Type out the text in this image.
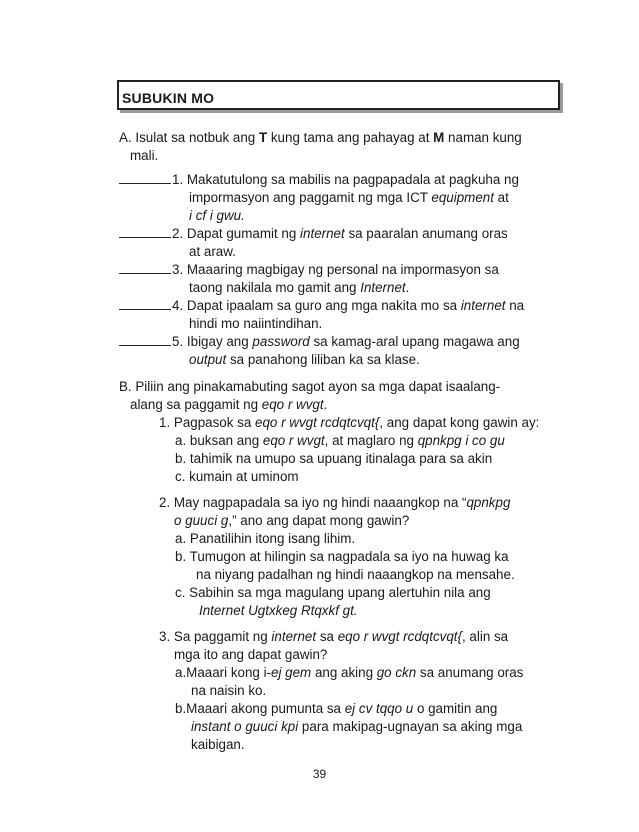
SUBUKIN MO

A. Isulat sa notbuk ang T kung tama ang pahayag at M naman kung
mali.

1. Makatutulong sa mabilis na pagpapadala at pagkuha ng
impormasyon ang paggamit ng mga ICT equipment at
i cf i gwu.
2. Dapat gumamit ng internet sa paaralan anumang oras
at araw.
3. Maaaring magbigay ng personal na impormasyon sa
taong nakilala mo gamit ang Internet.
4. Dapat ipaalam sa guro ang mga nakita mo sa internet na
hindi mo naiintindihan.
5. Ibigay ang password sa kamag-aral upang magawa ang
output sa panahong liliban ka sa klase.

B. Piliin ang pinakamabuting sagot ayon sa mga dapat isaalang-
alang sa paggamit ng eqo r wvgt.

1. Pagpasok sa eqo r wvgt rcdqtcvqt{, ang dapat kong gawin ay:
a. buksan ang eqo r wvgt, at maglaro ng qpnkpg i co gu
b. tahimik na umupo sa upuang itinalaga para sa akin
c. kumain at uminom
2. May nagpapadala sa iyo ng hindi naaangkop na “qpnkpg
o guuci g,” ano ang dapat mong gawin?
a. Panatilihin itong isang lihim.
b. Tumugon at hilingin sa nagpadala sa iyo na huwag ka
na niyang padalhan ng hindi naaangkop na mensahe.
c. Sabihin sa mga magulang upang alertuhin nila ang
Internet Ugtxkeg Rtqxkf gt.
3. Sa paggamit ng internet sa eqo r wvgt rcdqtcvqt{, alin sa
mga ito ang dapat gawin?
a.Maaari kong i-ej gem ang aking go ckn sa anumang oras
na naisin ko.
b.Maaari akong pumunta sa ej cv tqqo u o gamitin ang
instant o guuci kpi para makipag-ugnayan sa aking mga
kaibigan.
39
